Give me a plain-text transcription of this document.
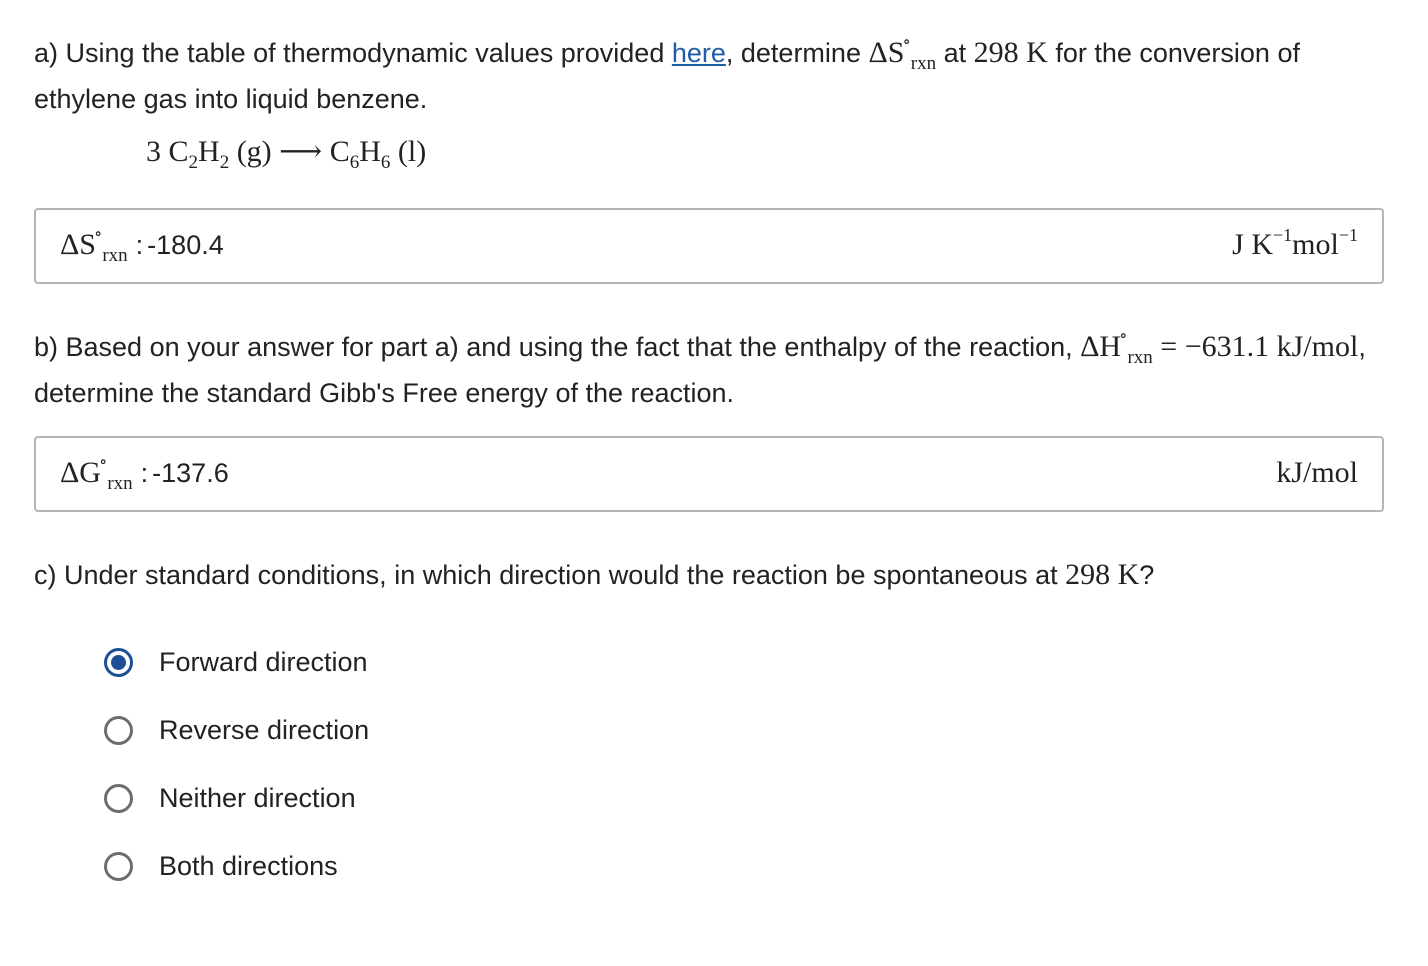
a) Using the table of thermodynamic values provided here, determine $\Delta S^\circ_{rxn}$ at 298 K for the conversion of ethylene gas into liquid benzene.
3 $C_2H_2$ (g) ⟶ $C_6H_6$ (l)
$\Delta S^\circ_{rxn}$ : -180.4	J $K^{-1}mol^{-1}$
b) Based on your answer for part a) and using the fact that the enthalpy of the reaction, $\Delta H^\circ_{rxn} = -631.1$ kJ/mol, determine the standard Gibb's Free energy of the reaction.
$\Delta G^\circ_{rxn}$ : -137.6	kJ/mol
c) Under standard conditions, in which direction would the reaction be spontaneous at 298 K?
Forward direction
Reverse direction
Neither direction
Both directions
